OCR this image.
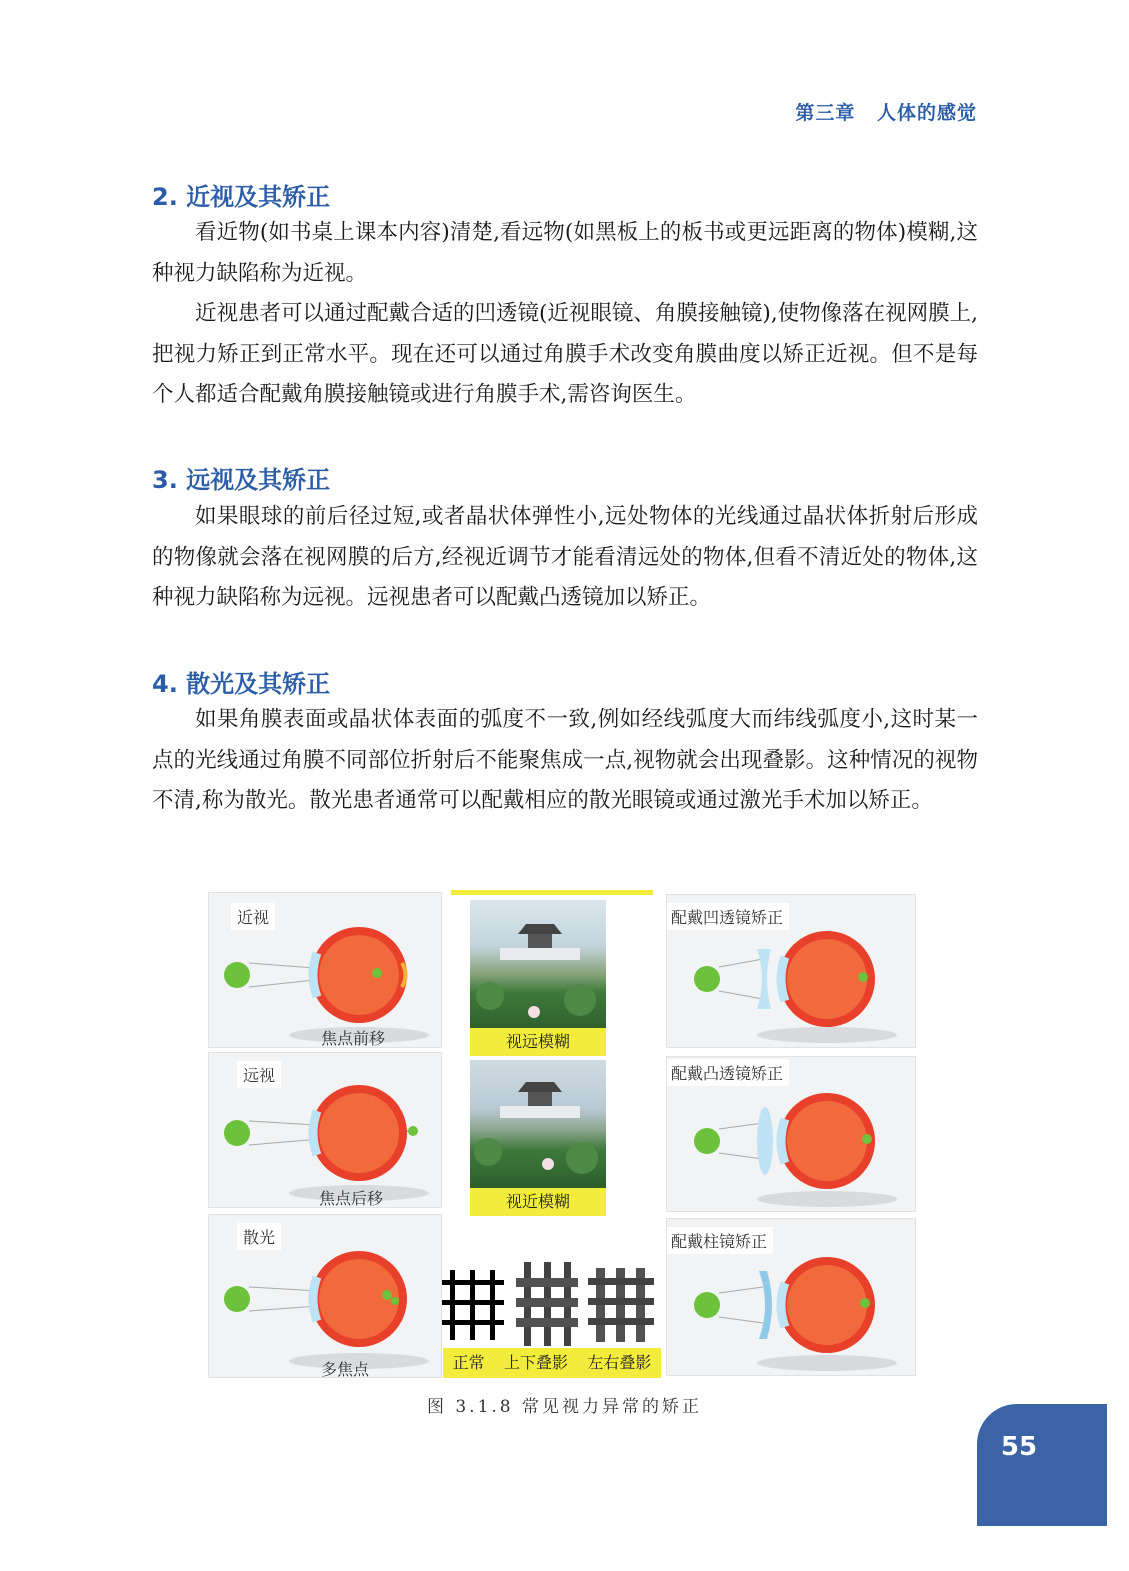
第三章 人体的感觉
2. 近视及其矫正

看近物(如书桌上课本内容)清楚,看远物(如黑板上的板书或更远距离的物体)模糊,这种视力缺陷称为近视。

近视患者可以通过配戴合适的凹透镜(近视眼镜、角膜接触镜),使物像落在视网膜上,把视力矫正到正常水平。现在还可以通过角膜手术改变角膜曲度以矫正近视。但不是每个人都适合配戴角膜接触镜或进行角膜手术,需咨询医生。

3. 远视及其矫正

如果眼球的前后径过短,或者晶状体弹性小,远处物体的光线通过晶状体折射后形成的物像就会落在视网膜的后方,经视近调节才能看清远处的物体,但看不清近处的物体,这种视力缺陷称为远视。远视患者可以配戴凸透镜加以矫正。

4. 散光及其矫正

如果角膜表面或晶状体表面的弧度不一致,例如经线弧度大而纬线弧度小,这时某一点的光线通过角膜不同部位折射后不能聚焦成一点,视物就会出现叠影。这种情况的视物不清,称为散光。散光患者通常可以配戴相应的散光眼镜或通过激光手术加以矫正。

近视
焦点前移
远视
焦点后移
散光
多焦点
视远模糊
视近模糊
配戴凹透镜矫正
配戴凸透镜矫正
配戴柱镜矫正
正常 上下叠影 左右叠影
图 3.1.8 常见视力异常的矫正
55
